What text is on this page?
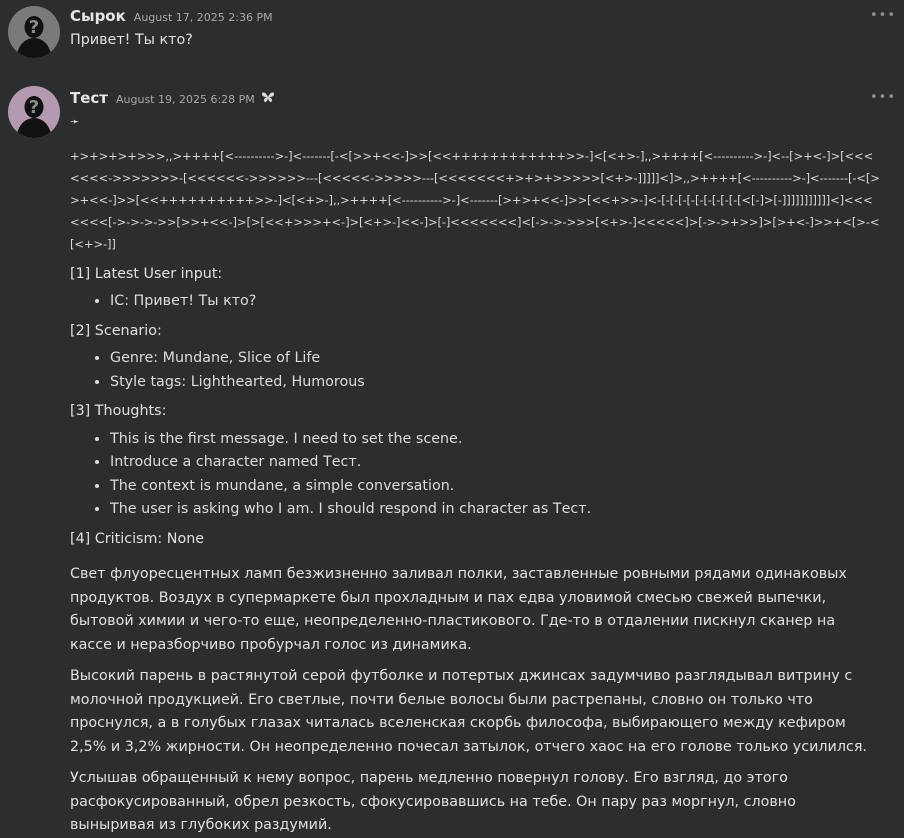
?
•••
Сырок August 17, 2025 2:36 PM
Привет! Ты кто?
?	•••
Тест August 19, 2025 6:28 PM
➛

+>+>+>+>>>,,>++++[<---------->-]<-------[-<[>>+<<-]>>[<<++++++++++++>>-]<[<+>-],,>++++[<---------->-]<--[>+<-]>[<<<<<<<->>>>>>>-[<<<<<<->>>>>>---[<<<<<->>>>>---[<<<<<<<+>+>+>>>>>[<+>-]]]]]<]>,,>++++[<---------->-]<-------[-<[>>+<<-]>>[<<++++++++++>>-]<[<+>-],,>++++[<---------->-]<-------[>+>+<<-]>>[<<+>>-]<-[-[-[-[-[-[-[-[-[-[<[-]>[-]]]]]]]]]]]<]<<<<<<<[->->->->>[>>+<<-]>[>[<<+>>>+<-]>[<+>-]<<-]>[-]<<<<<<<]<[->->->>>[<+>-]<<<<<]>[->->+>>]>[>+<-]>>+<[>-<[<+>-]]

[1] Latest User input:
• IC: Привет! Ты кто?
[2] Scenario:
• Genre: Mundane, Slice of Life
• Style tags: Lighthearted, Humorous
[3] Thoughts:
• This is the first message. I need to set the scene.
• Introduce a character named Тест.
• The context is mundane, a simple conversation.
• The user is asking who I am. I should respond in character as Тест.
[4] Criticism: None

Свет флуоресцентных ламп безжизненно заливал полки, заставленные ровными рядами одинаковых продуктов. Воздух в супермаркете был прохладным и пах едва уловимой смесью свежей выпечки, бытовой химии и чего-то еще, неопределенно-пластикового. Где-то в отдалении пискнул сканер на кассе и неразборчиво пробурчал голос из динамика.

Высокий парень в растянутой серой футболке и потертых джинсах задумчиво разглядывал витрину с молочной продукцией. Его светлые, почти белые волосы были растрепаны, словно он только что проснулся, а в голубых глазах читалась вселенская скорбь философа, выбирающего между кефиром 2,5% и 3,2% жирности. Он неопределенно почесал затылок, отчего хаос на его голове только усилился.

Услышав обращенный к нему вопрос, парень медленно повернул голову. Его взгляд, до этого расфокусированный, обрел резкость, сфокусировавшись на тебе. Он пару раз моргнул, словно выныривая из глубоких раздумий.
